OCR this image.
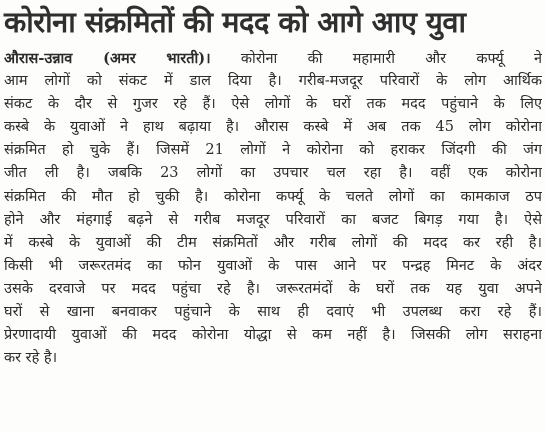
कोरोना संक्रमितों की मदद को आगे आए युवा
औरास-उन्नाव (अमर भारती)। कोरोना की महामारी और कर्फ्यू ने
आम लोगों को संकट में डाल दिया है। गरीब-मजदूर परिवारों के लोग आर्थिक
संकट के दौर से गुजर रहे हैं। ऐसे लोगों के घरों तक मदद पहुंचाने के लिए
कस्बे के युवाओं ने हाथ बढ़ाया है। औरास कस्बे में अब तक 45 लोग कोरोना
संक्रमित हो चुके हैं। जिसमें 21 लोगों ने कोरोना को हराकर जिंदगी की जंग
जीत ली है। जबकि 23 लोगों का उपचार चल रहा है। वहीं एक कोरोना
संक्रमित की मौत हो चुकी है। कोरोना कर्फ्यू के चलते लोगों का कामकाज ठप
होने और मंहगाई बढ़ने से गरीब मजदूर परिवारों का बजट बिगड़ गया है। ऐसे
में कस्बे के युवाओं की टीम संक्रमितों और गरीब लोगों की मदद कर रही है।
किसी भी जरूरतमंद का फोन युवाओं के पास आने पर पन्द्रह मिनट के अंदर
उसके दरवाजे पर मदद पहुंचा रहे है। जरूरतमंदों के घरों तक यह युवा अपने
घरों से खाना बनवाकर पहुंचाने के साथ ही दवाएं भी उपलब्ध करा रहे हैं।
प्रेरणादायी युवाओं की मदद कोरोना योद्धा से कम नहीं है। जिसकी लोग सराहना
कर रहे है।
